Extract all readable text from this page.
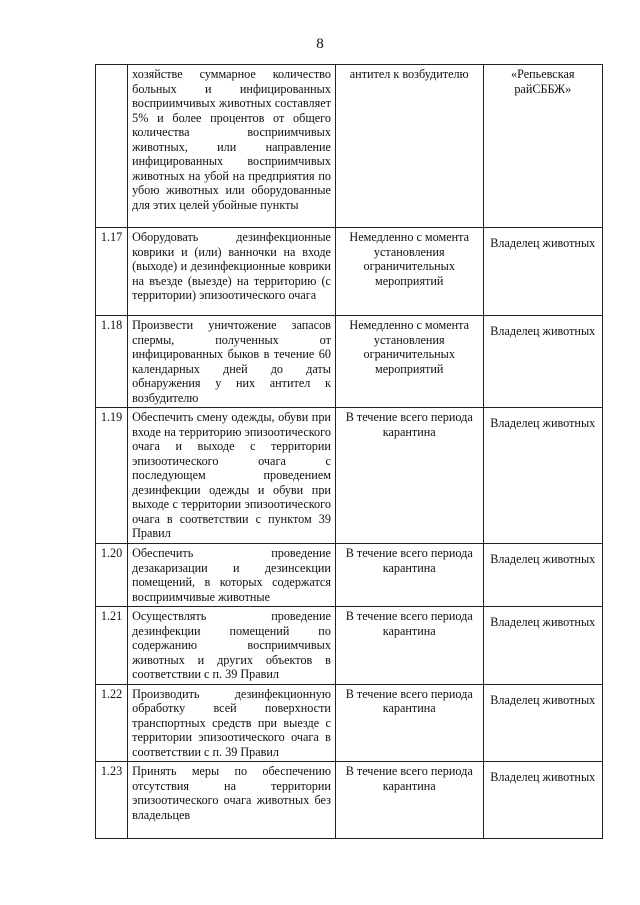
8
	хозяйстве суммарное количество больных и инфицированных восприимчивых животных составляет 5% и более процентов от общего количества восприимчивых животных, или направление инфицированных восприимчивых животных на убой на предприятия по убою животных или оборудованные для этих целей убойные пункты	антител к возбудителю	«Репьевская райСББЖ»
1.17	Оборудовать дезинфекционные коврики и (или) ванночки на входе (выходе) и дезинфекционные коврики на въезде (выезде) на территорию (с территории) эпизоотического очага	Немедленно с момента установления ограничительных мероприятий	Владелец животных
1.18	Произвести уничтожение запасов спермы, полученных от инфицированных быков в течение 60 календарных дней до даты обнаружения у них антител к возбудителю	Немедленно с момента установления ограничительных мероприятий	Владелец животных
1.19	Обеспечить смену одежды, обуви при входе на территорию эпизоотического очага и выходе с территории эпизоотического очага с последующем проведением дезинфекции одежды и обуви при выходе с территории эпизоотического очага в соответствии с пунктом 39 Правил	В течение всего периода карантина	Владелец животных
1.20	Обеспечить проведение дезакаризации и дезинсекции помещений, в которых содержатся восприимчивые животные	В течение всего периода карантина	Владелец животных
1.21	Осуществлять проведение дезинфекции помещений по содержанию восприимчивых животных и других объектов в соответствии с п. 39 Правил	В течение всего периода карантина	Владелец животных
1.22	Производить дезинфекционную обработку всей поверхности транспортных средств при выезде с территории эпизоотического очага в соответствии с п. 39 Правил	В течение всего периода карантина	Владелец животных
1.23	Принять меры по обеспечению отсутствия на территории эпизоотического очага животных без владельцев	В течение всего периода карантина	Владелец животных
